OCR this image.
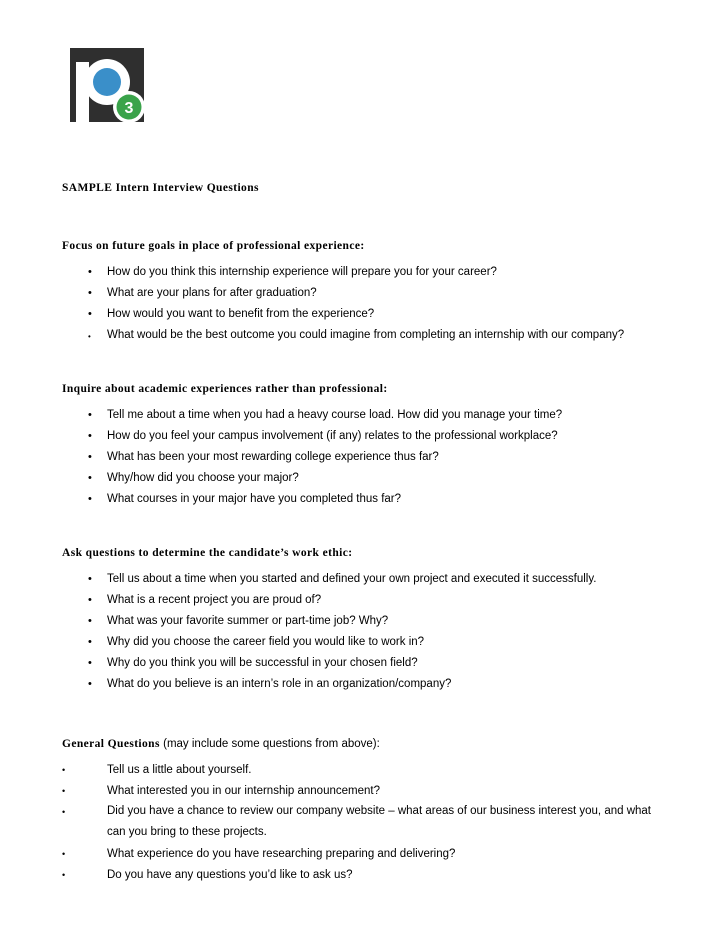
3
SAMPLE Intern Interview Questions
Focus on future goals in place of professional experience:
• How do you think this internship experience will prepare you for your career?
• What are your plans for after graduation?
• How would you want to benefit from the experience?
• What would be the best outcome you could imagine from completing an internship with our company?
Inquire about academic experiences rather than professional:
• Tell me about a time when you had a heavy course load. How did you manage your time?
• How do you feel your campus involvement (if any) relates to the professional workplace?
• What has been your most rewarding college experience thus far?
• Why/how did you choose your major?
• What courses in your major have you completed thus far?
Ask questions to determine the candidate’s work ethic:
• Tell us about a time when you started and defined your own project and executed it successfully.
• What is a recent project you are proud of?
• What was your favorite summer or part-time job? Why?
• Why did you choose the career field you would like to work in?
• Why do you think you will be successful in your chosen field?
• What do you believe is an intern’s role in an organization/company?
General Questions (may include some questions from above):
•	Tell us a little about yourself.
•	What interested you in our internship announcement?
•	Did you have a chance to review our company website – what areas of our business interest you, and what can you bring to these projects.
•	What experience do you have researching preparing and delivering?
•	Do you have any questions you’d like to ask us?
